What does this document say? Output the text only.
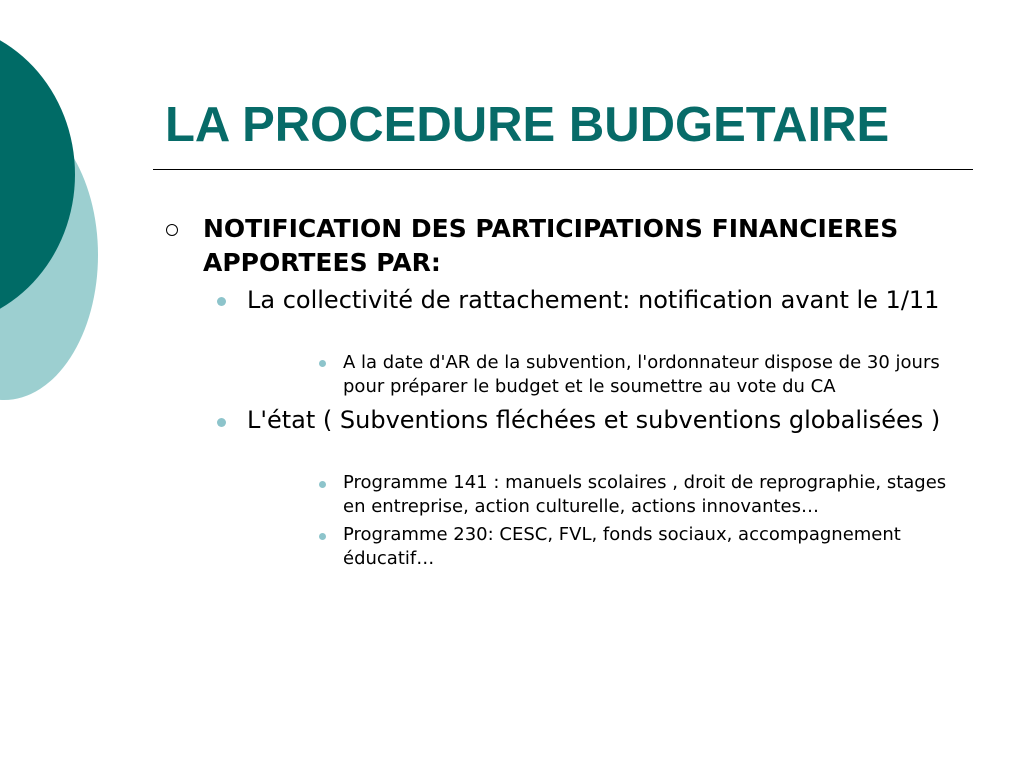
LA PROCEDURE BUDGETAIRE
NOTIFICATION DES PARTICIPATIONS FINANCIERES APPORTEES PAR:
La collectivité de rattachement: notification avant le 1/11
A la date d'AR de la subvention, l'ordonnateur dispose de 30 jours pour préparer le budget et le soumettre au vote du CA
L'état ( Subventions fléchées et subventions globalisées )
Programme 141 : manuels scolaires , droit de reprographie, stages en entreprise, action culturelle, actions innovantes…
Programme 230: CESC, FVL, fonds sociaux, accompagnement éducatif…
